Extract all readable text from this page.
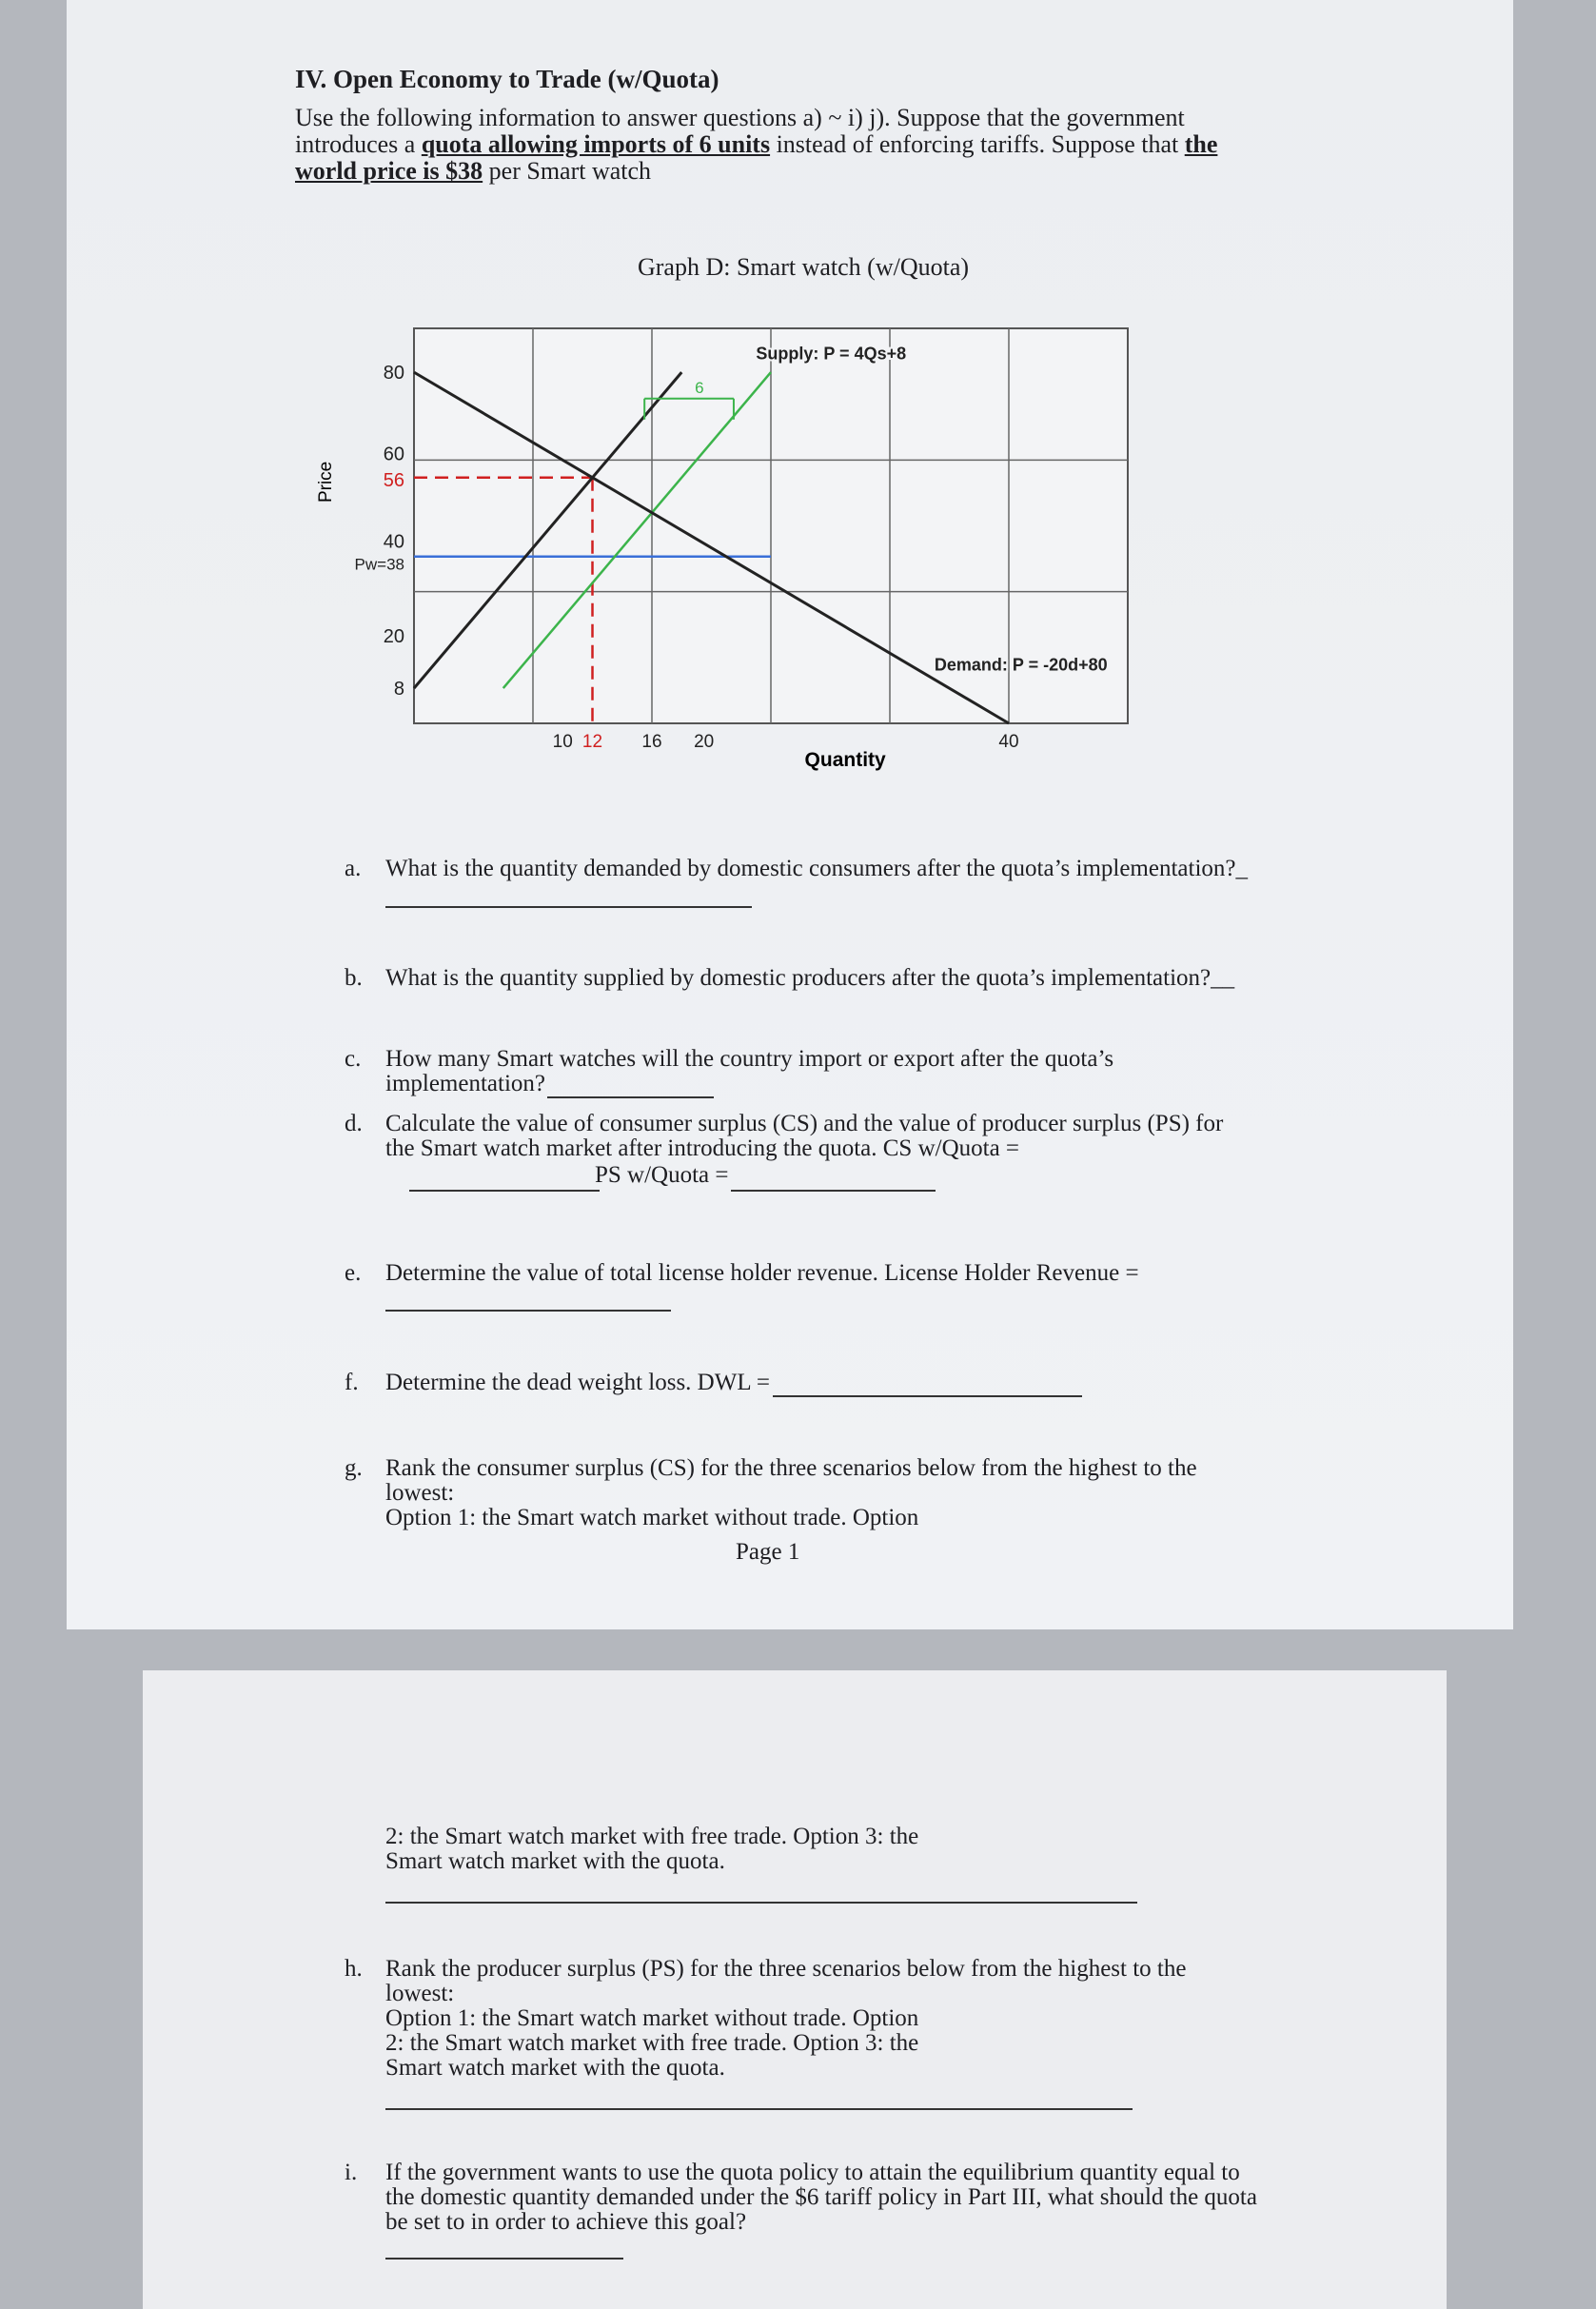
IV. Open Economy to Trade (w/Quota)
Use the following information to answer questions a) ~ i) j). Suppose that the government
introduces a quota allowing imports of 6 units instead of enforcing tariffs. Suppose that the
world price is $38 per Smart watch
Graph D: Smart watch (w/Quota)
6
80
60
56
40
Pw=38
20
8
Price
10 12 16 20	40
Quantity
Supply: P = 4Qs+8
Demand: P = -20d+80
a. What is the quantity demanded by domestic consumers after the quota’s implementation?_
b. What is the quantity supplied by domestic producers after the quota’s implementation?__
c. How many Smart watches will the country import or export after the quota’s
implementation?
d. Calculate the value of consumer surplus (CS) and the value of producer surplus (PS) for
the Smart watch market after introducing the quota. CS w/Quota =
PS w/Quota =
e. Determine the value of total license holder revenue. License Holder Revenue =
f. Determine the dead weight loss. DWL =
g. Rank the consumer surplus (CS) for the three scenarios below from the highest to the
lowest:
Option 1: the Smart watch market without trade. Option
Page 1
2: the Smart watch market with free trade. Option 3: the
Smart watch market with the quota.
h. Rank the producer surplus (PS) for the three scenarios below from the highest to the
lowest:
Option 1: the Smart watch market without trade. Option
2: the Smart watch market with free trade. Option 3: the
Smart watch market with the quota.
i. If the government wants to use the quota policy to attain the equilibrium quantity equal to
the domestic quantity demanded under the $6 tariff policy in Part III, what should the quota
be set to in order to achieve this goal?
